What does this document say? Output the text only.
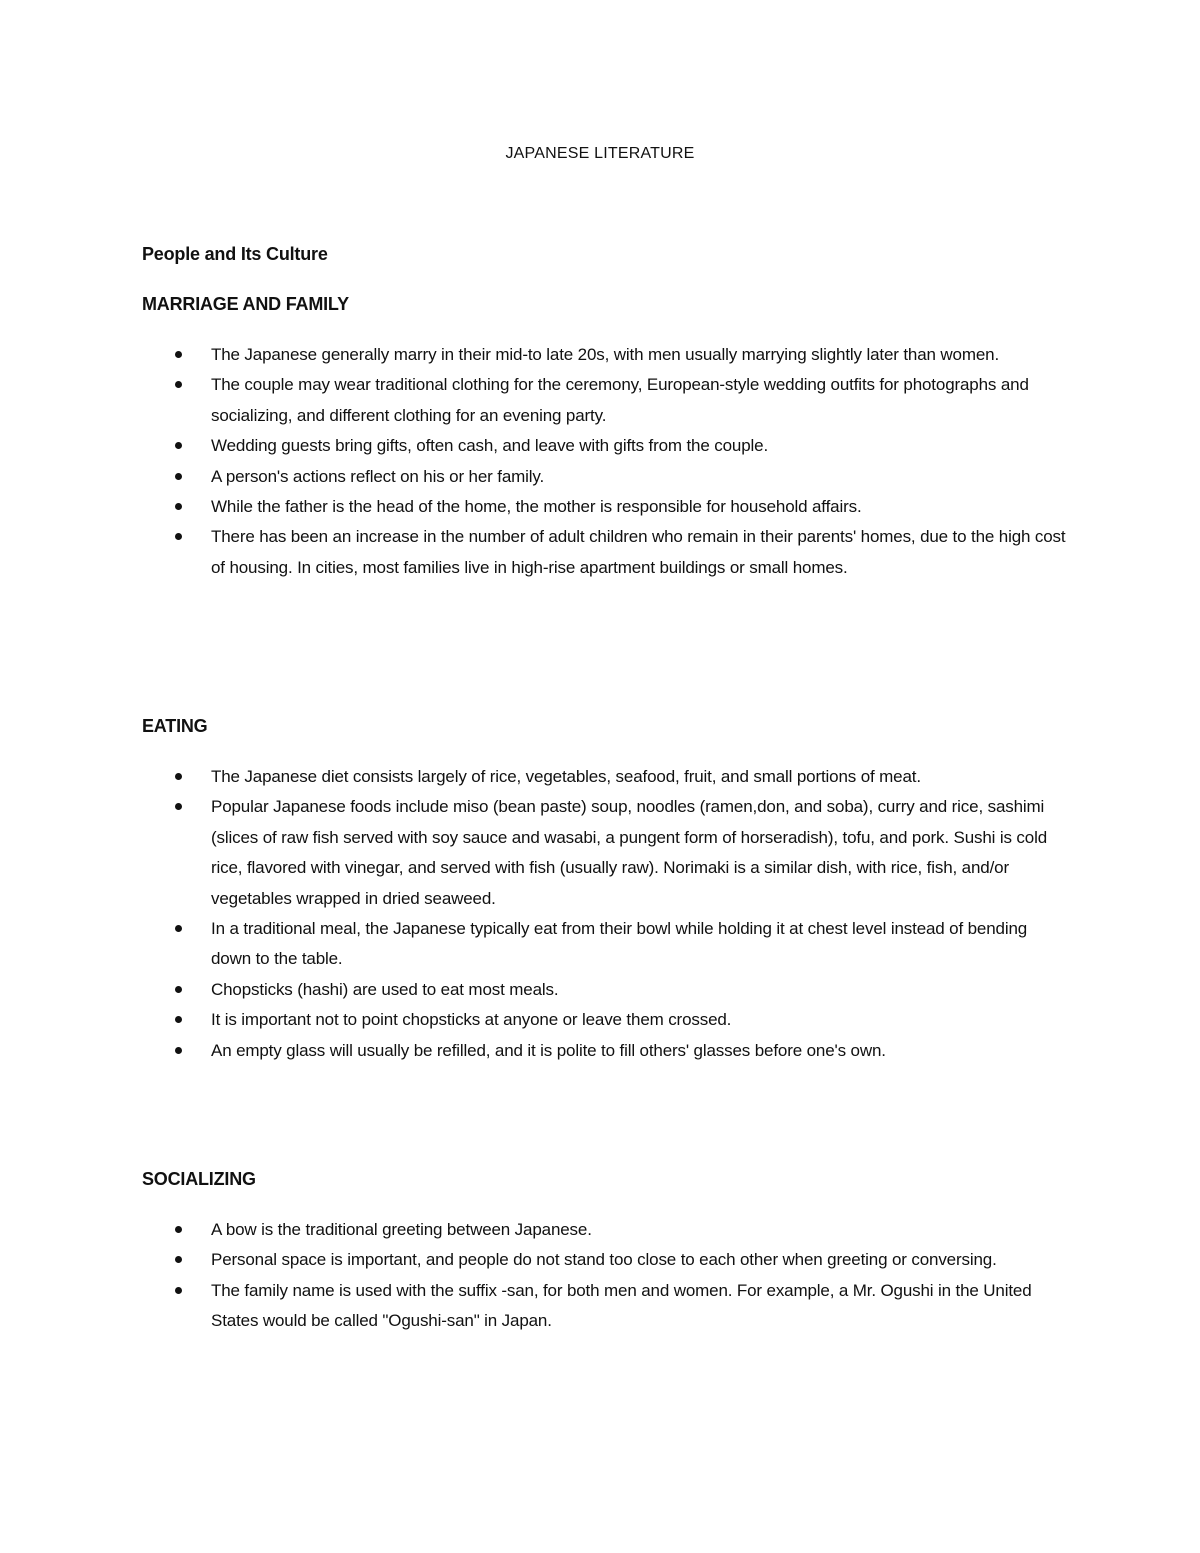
JAPANESE LITERATURE
People and Its Culture
MARRIAGE AND FAMILY
The Japanese generally marry in their mid-to late 20s, with men usually marrying slightly later than women.
The couple may wear traditional clothing for the ceremony, European-style wedding outfits for photographs and socializing, and different clothing for an evening party.
Wedding guests bring gifts, often cash, and leave with gifts from the couple.
A person's actions reflect on his or her family.
While the father is the head of the home, the mother is responsible for household affairs.
There has been an increase in the number of adult children who remain in their parents' homes, due to the high cost of housing. In cities, most families live in high-rise apartment buildings or small homes.
EATING
The Japanese diet consists largely of rice, vegetables, seafood, fruit, and small portions of meat.
Popular Japanese foods include miso (bean paste) soup, noodles (ramen,don, and soba), curry and rice, sashimi (slices of raw fish served with soy sauce and wasabi, a pungent form of horseradish), tofu, and pork. Sushi is cold rice, flavored with vinegar, and served with fish (usually raw). Norimaki is a similar dish, with rice, fish, and/or vegetables wrapped in dried seaweed.
In a traditional meal, the Japanese typically eat from their bowl while holding it at chest level instead of bending down to the table.
Chopsticks (hashi) are used to eat most meals.
It is important not to point chopsticks at anyone or leave them crossed.
An empty glass will usually be refilled, and it is polite to fill others' glasses before one's own.
SOCIALIZING
A bow is the traditional greeting between Japanese.
Personal space is important, and people do not stand too close to each other when greeting or conversing.
The family name is used with the suffix -san, for both men and women. For example, a Mr. Ogushi in the United States would be called "Ogushi-san" in Japan.
